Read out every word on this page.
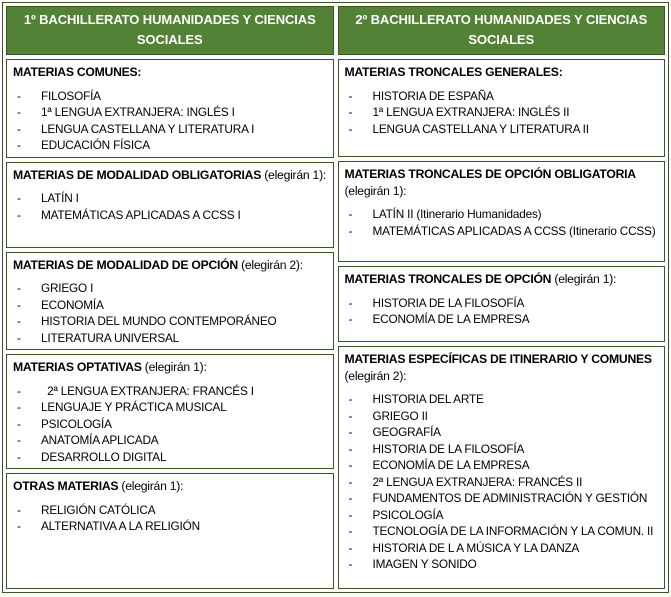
1º BACHILLERATO HUMANIDADES Y CIENCIAS SOCIALES
MATERIAS COMUNES:
-	FILOSOFÍA
-	1ª LENGUA EXTRANJERA: INGLÉS I
-	LENGUA CASTELLANA Y LITERATURA I
-	EDUCACIÓN FÍSICA
MATERIAS DE MODALIDAD OBLIGATORIAS (elegirán 1):
-	LATÍN I
-	MATEMÁTICAS APLICADAS A CCSS I
MATERIAS DE MODALIDAD DE OPCIÓN (elegirán 2):
-	GRIEGO I
-	ECONOMÍA
-	HISTORIA DEL MUNDO CONTEMPORÁNEO
-	LITERATURA UNIVERSAL
MATERIAS OPTATIVAS (elegirán 1):
-	2ª LENGUA EXTRANJERA: FRANCÉS I
-	LENGUAJE Y PRÁCTICA MUSICAL
-	PSICOLOGÍA
-	ANATOMÍA APLICADA
-	DESARROLLO DIGITAL
OTRAS MATERIAS (elegirán 1):
-	RELIGIÓN CATÓLICA
-	ALTERNATIVA A LA RELIGIÓN
2º BACHILLERATO HUMANIDADES Y CIENCIAS SOCIALES
MATERIAS TRONCALES GENERALES:
-	HISTORIA DE ESPAÑA
-	1ª LENGUA EXTRANJERA: INGLÉS II
-	LENGUA CASTELLANA Y LITERATURA II
MATERIAS TRONCALES DE OPCIÓN OBLIGATORIA (elegirán 1):
-	LATÍN II (Itinerario Humanidades)
-	MATEMÁTICAS APLICADAS A CCSS (Itinerario CCSS)
MATERIAS TRONCALES DE OPCIÓN (elegirán 1):
-	HISTORIA DE LA FILOSOFÍA
-	ECONOMÍA DE LA EMPRESA
MATERIAS ESPECÍFICAS DE ITINERARIO Y COMUNES (elegirán 2):
-	HISTORIA DEL ARTE
-	GRIEGO II
-	GEOGRAFÍA
-	HISTORIA DE LA FILOSOFÍA
-	ECONOMÍA DE LA EMPRESA
-	2ª LENGUA EXTRANJERA: FRANCÉS II
-	FUNDAMENTOS DE ADMINISTRACIÓN Y GESTIÓN
-	PSICOLOGÍA
-	TECNOLOGÍA DE LA INFORMACIÓN Y LA COMUN. II
-	HISTORIA DE L A MÚSICA Y LA DANZA
-	IMAGEN Y SONIDO
